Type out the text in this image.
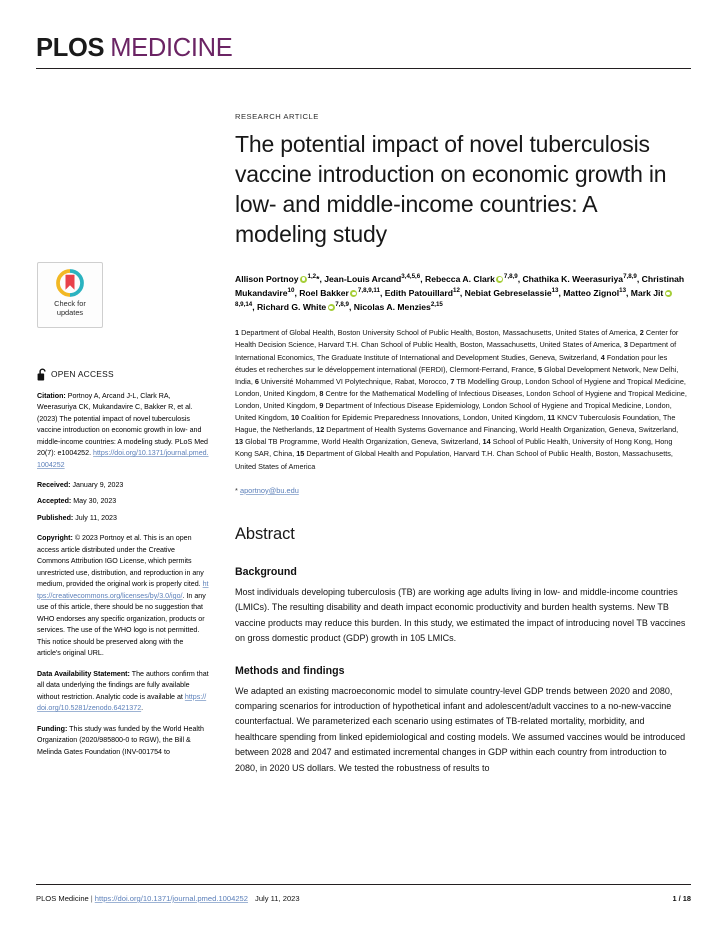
PLOS MEDICINE
Check for
updates
OPEN ACCESS
Citation: Portnoy A, Arcand J-L, Clark RA, Weerasuriya CK, Mukandavire C, Bakker R, et al. (2023) The potential impact of novel tuberculosis vaccine introduction on economic growth in low- and middle-income countries: A modeling study. PLoS Med 20(7): e1004252. https://doi.org/10.1371/journal.pmed.1004252
Received: January 9, 2023
Accepted: May 30, 2023
Published: July 11, 2023
Copyright: © 2023 Portnoy et al. This is an open access article distributed under the Creative Commons Attribution IGO License, which permits unrestricted use, distribution, and reproduction in any medium, provided the original work is properly cited. https://creativecommons.org/licenses/by/3.0/igo/. In any use of this article, there should be no suggestion that WHO endorses any specific organization, products or services. The use of the WHO logo is not permitted. This notice should be preserved along with the article's original URL.
Data Availability Statement: The authors confirm that all data underlying the findings are fully available without restriction. Analytic code is available at https://doi.org/10.5281/zenodo.6421372.
Funding: This study was funded by the World Health Organization (2020/985800-0 to RGW), the Bill & Melinda Gates Foundation (INV-001754 to
RESEARCH ARTICLE
The potential impact of novel tuberculosis vaccine introduction on economic growth in low- and middle-income countries: A modeling study
Allison Portnoy $^{1,2}$*, Jean-Louis Arcand$^{3,4,5,6}$, Rebecca A. Clark $^{7,8,9}$, Chathika K. Weerasuriya$^{7,8,9}$, Christinah Mukandavire$^{10}$, Roel Bakker $^{7,8,9,11}$, Edith Patouillard$^{12}$, Nebiat Gebreselassie$^{13}$, Matteo Zignol$^{13}$, Mark Jit$^{8,9,14}$, Richard G. White $^{7,8,9}$, Nicolas A. Menzies$^{2,15}$
1 Department of Global Health, Boston University School of Public Health, Boston, Massachusetts, United States of America, 2 Center for Health Decision Science, Harvard T.H. Chan School of Public Health, Boston, Massachusetts, United States of America, 3 Department of International Economics, The Graduate Institute of International and Development Studies, Geneva, Switzerland, 4 Fondation pour les études et recherches sur le développement international (FERDI), Clermont-Ferrand, France, 5 Global Development Network, New Delhi, India, 6 Université Mohammed VI Polytechnique, Rabat, Morocco, 7 TB Modelling Group, London School of Hygiene and Tropical Medicine, London, United Kingdom, 8 Centre for the Mathematical Modelling of Infectious Diseases, London School of Hygiene and Tropical Medicine, London, United Kingdom, 9 Department of Infectious Disease Epidemiology, London School of Hygiene and Tropical Medicine, London, United Kingdom, 10 Coalition for Epidemic Preparedness Innovations, London, United Kingdom, 11 KNCV Tuberculosis Foundation, The Hague, the Netherlands, 12 Department of Health Systems Governance and Financing, World Health Organization, Geneva, Switzerland, 13 Global TB Programme, World Health Organization, Geneva, Switzerland, 14 School of Public Health, University of Hong Kong, Hong Kong SAR, China, 15 Department of Global Health and Population, Harvard T.H. Chan School of Public Health, Boston, Massachusetts, United States of America
* aportnoy@bu.edu
Abstract
Background

Most individuals developing tuberculosis (TB) are working age adults living in low- and middle-income countries (LMICs). The resulting disability and death impact economic productivity and burden health systems. New TB vaccine products may reduce this burden. In this study, we estimated the impact of introducing novel TB vaccines on gross domestic product (GDP) growth in 105 LMICs.

Methods and findings

We adapted an existing macroeconomic model to simulate country-level GDP trends between 2020 and 2080, comparing scenarios for introduction of hypothetical infant and adolescent/adult vaccines to a no-new-vaccine counterfactual. We parameterized each scenario using estimates of TB-related mortality, morbidity, and healthcare spending from linked epidemiological and costing models. We assumed vaccines would be introduced between 2028 and 2047 and estimated incremental changes in GDP within each country from introduction to 2080, in 2020 US dollars. We tested the robustness of results to

PLOS Medicine | https://doi.org/10.1371/journal.pmed.1004252 July 11, 2023	1 / 18
